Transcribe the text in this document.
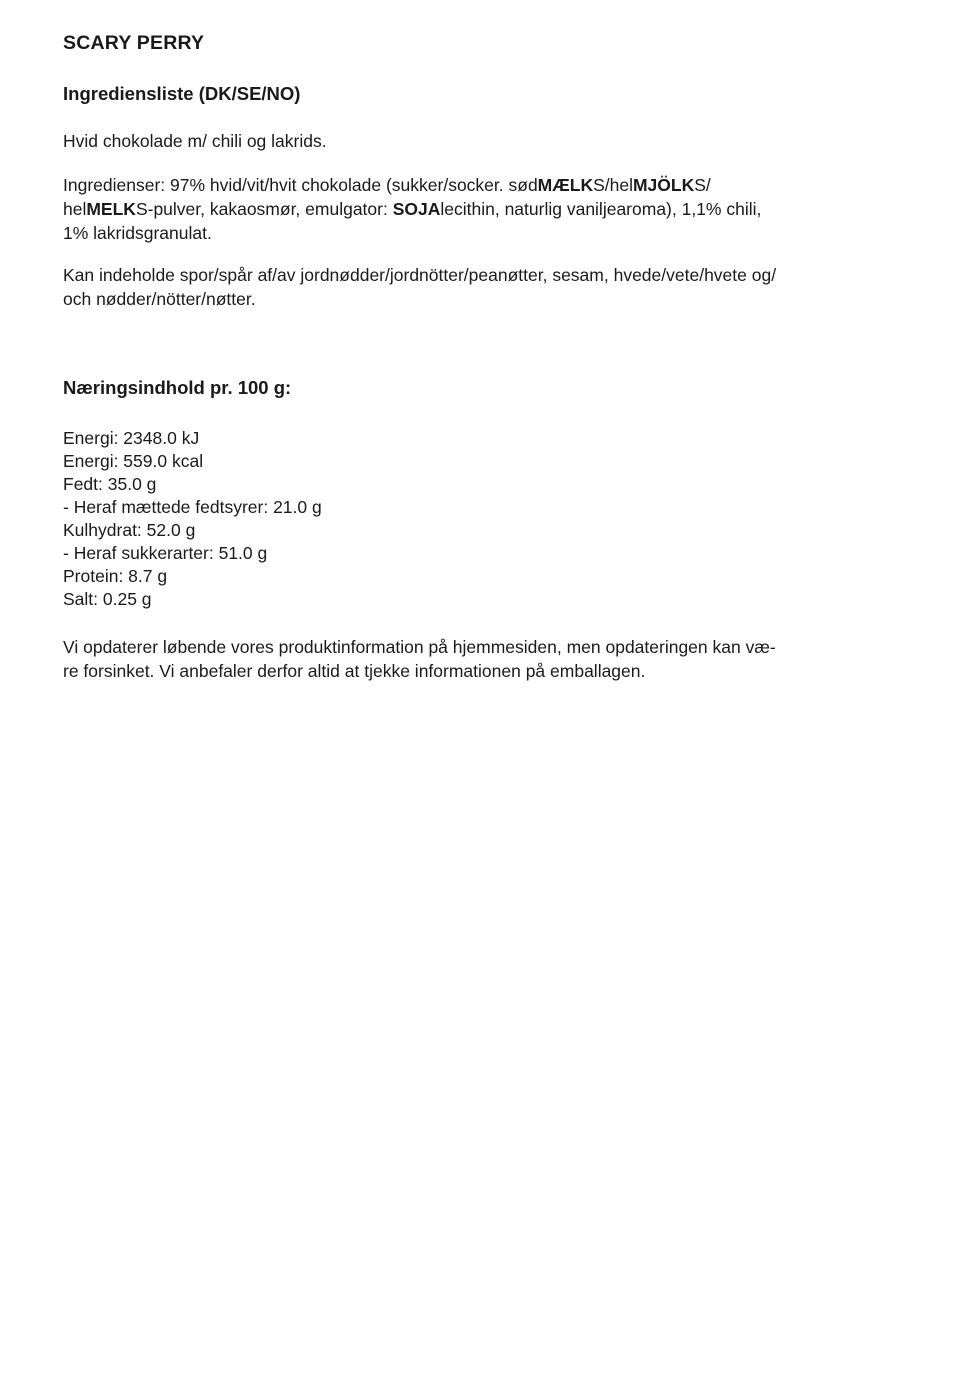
SCARY PERRY
Ingrediensliste (DK/SE/NO)

Hvid chokolade m/ chili og lakrids.

Ingredienser: 97% hvid/vit/hvit chokolade (sukker/socker. sødMÆLKS/helMJÖLKS/
helMELKS-pulver, kakaosmør, emulgator: SOJAlecithin, naturlig vaniljearoma), 1,1% chili,
1% lakridsgranulat.
Kan indeholde spor/spår af/av jordnødder/jordnötter/peanøtter, sesam, hvede/vete/hvete og/
och nødder/nötter/nøtter.
Næringsindhold pr. 100 g:
Energi: 2348.0 kJ
Energi: 559.0 kcal
Fedt: 35.0 g
- Heraf mættede fedtsyrer: 21.0 g
Kulhydrat: 52.0 g
- Heraf sukkerarter: 51.0 g
Protein: 8.7 g
Salt: 0.25 g
Vi opdaterer løbende vores produktinformation på hjemmesiden, men opdateringen kan væ-
re forsinket. Vi anbefaler derfor altid at tjekke informationen på emballagen.
